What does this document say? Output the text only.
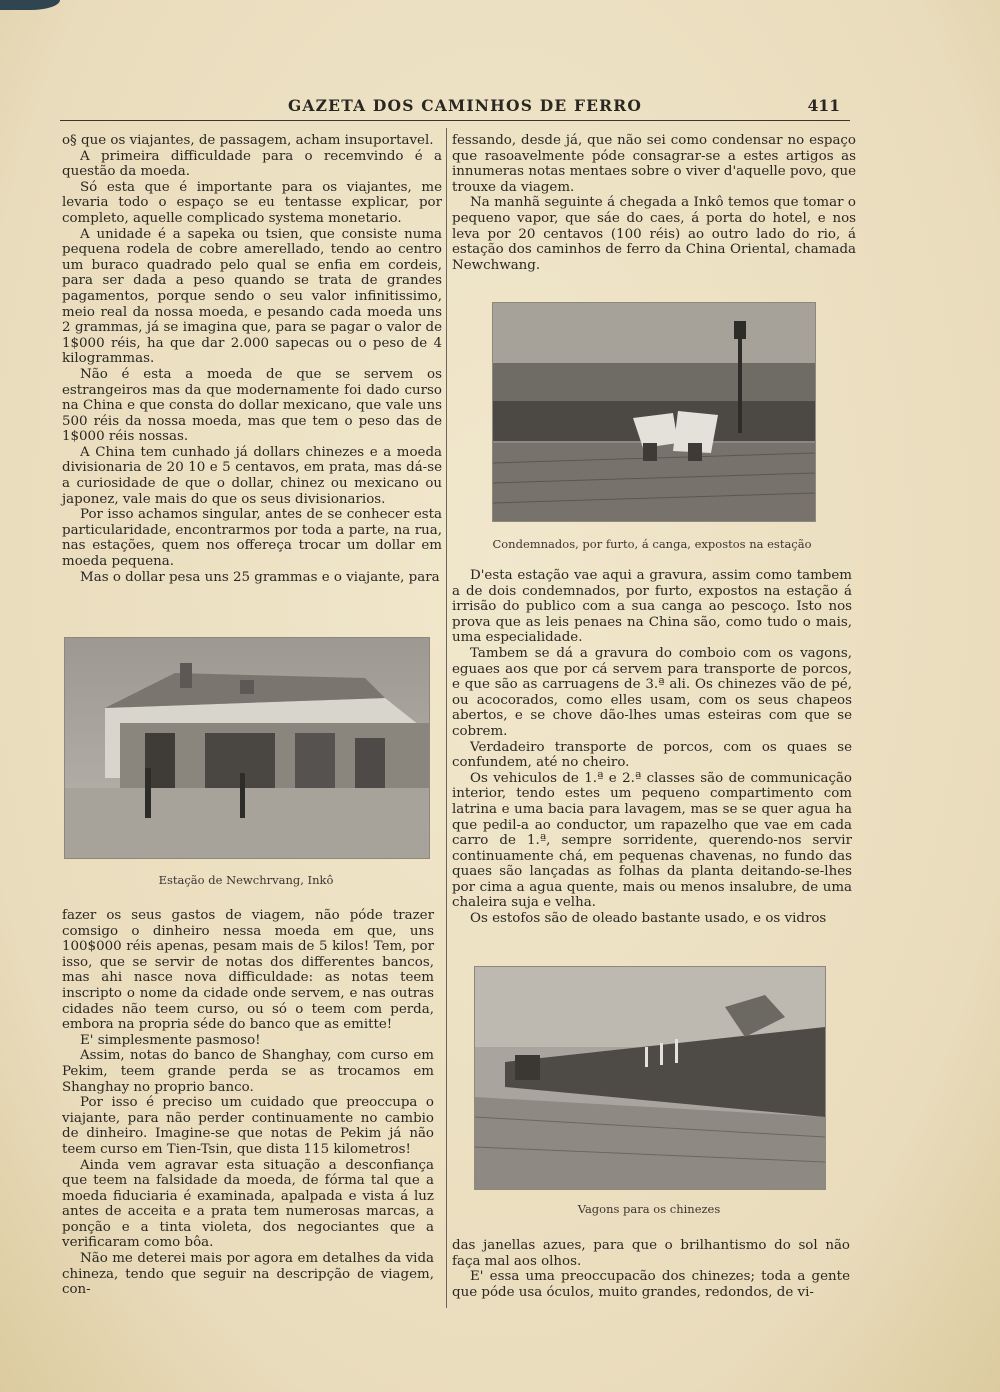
GAZETA DOS CAMINHOS DE FERRO	411

o§ que os viajantes, de passagem, acham insuportavel.

A primeira difficuldade para o recemvindo é a questão da moeda.

Só esta que é importante para os viajantes, me levaria todo o espaço se eu tentasse explicar, por completo, aquelle complicado systema monetario.

A unidade é a sapeka ou tsien, que consiste numa pequena rodela de cobre amerellado, tendo ao centro um buraco quadrado pelo qual se enfia em cordeis, para ser dada a peso quando se trata de grandes pagamentos, porque sendo o seu valor infinitissimo, meio real da nossa moeda, e pesando cada moeda uns 2 grammas, já se imagina que, para se pagar o valor de 1$000 réis, ha que dar 2.000 sapecas ou o peso de 4 kilogrammas.

Não é esta a moeda de que se servem os estrangeiros mas da que modernamente foi dado curso na China e que consta do dollar mexicano, que vale uns 500 réis da nossa moeda, mas que tem o peso das de 1$000 réis nossas.

A China tem cunhado já dollars chinezes e a moeda divisionaria de 20 10 e 5 centavos, em prata, mas dá-se a curiosidade de que o dollar, chinez ou mexicano ou japonez, vale mais do que os seus divisionarios.

Por isso achamos singular, antes de se conhecer esta particularidade, encontrarmos por toda a parte, na rua, nas estações, quem nos offereça trocar um dollar em moeda pequena.

Mas o dollar pesa uns 25 grammas e o viajante, para

Estação de Newchrvang, Inkô

fazer os seus gastos de viagem, não póde trazer comsigo o dinheiro nessa moeda em que, uns 100$000 réis apenas, pesam mais de 5 kilos! Tem, por isso, que se servir de notas dos differentes bancos, mas ahi nasce nova difficuldade: as notas teem inscripto o nome da cidade onde servem, e nas outras cidades não teem curso, ou só o teem com perda, embora na propria séde do banco que as emitte!

E' simplesmente pasmoso!

Assim, notas do banco de Shanghay, com curso em Pekim, teem grande perda se as trocamos em Shanghay no proprio banco.

Por isso é preciso um cuidado que preoccupa o viajante, para não perder continuamente no cambio de dinheiro. Imagine-se que notas de Pekim já não teem curso em Tien-Tsin, que dista 115 kilometros!

Ainda vem agravar esta situação a desconfiança que teem na falsidade da moeda, de fórma tal que a moeda fiduciaria é examinada, apalpada e vista á luz antes de acceita e a prata tem numerosas marcas, a ponção e a tinta violeta, dos negociantes que a verificaram como bôa.

Não me deterei mais por agora em detalhes da vida chineza, tendo que seguir na descripção de viagem, con-

fessando, desde já, que não sei como condensar no espaço que rasoavelmente póde consagrar-se a estes artigos as innumeras notas mentaes sobre o viver d'aquelle povo, que trouxe da viagem.

Na manhã seguinte á chegada a Inkô temos que tomar o pequeno vapor, que sáe do caes, á porta do hotel, e nos leva por 20 centavos (100 réis) ao outro lado do rio, á estação dos caminhos de ferro da China Oriental, chamada Newchwang.

Condemnados, por furto, á canga, expostos na estação

D'esta estação vae aqui a gravura, assim como tambem a de dois condemnados, por furto, expostos na estação á irrisão do publico com a sua canga ao pescoço. Isto nos prova que as leis penaes na China são, como tudo o mais, uma especialidade.

Tambem se dá a gravura do comboio com os vagons, eguaes aos que por cá servem para transporte de porcos, e que são as carruagens de 3.ª ali. Os chinezes vão de pé, ou acocorados, como elles usam, com os seus chapeos abertos, e se chove dão-lhes umas esteiras com que se cobrem.

Verdadeiro transporte de porcos, com os quaes se confundem, até no cheiro.

Os vehiculos de 1.ª e 2.ª classes são de communicação interior, tendo estes um pequeno compartimento com latrina e uma bacia para lavagem, mas se se quer agua ha que pedil-a ao conductor, um rapazelho que vae em cada carro de 1.ª, sempre sorridente, querendo-nos servir continuamente chá, em pequenas chavenas, no fundo das quaes são lançadas as folhas da planta deitando-se-lhes por cima a agua quente, mais ou menos insalubre, de uma chaleira suja e velha.

Os estofos são de oleado bastante usado, e os vidros

Vagons para os chinezes

das janellas azues, para que o brilhantismo do sol não faça mal aos olhos.

E' essa uma preoccupacão dos chinezes; toda a gente que póde usa óculos, muito grandes, redondos, de vi-
